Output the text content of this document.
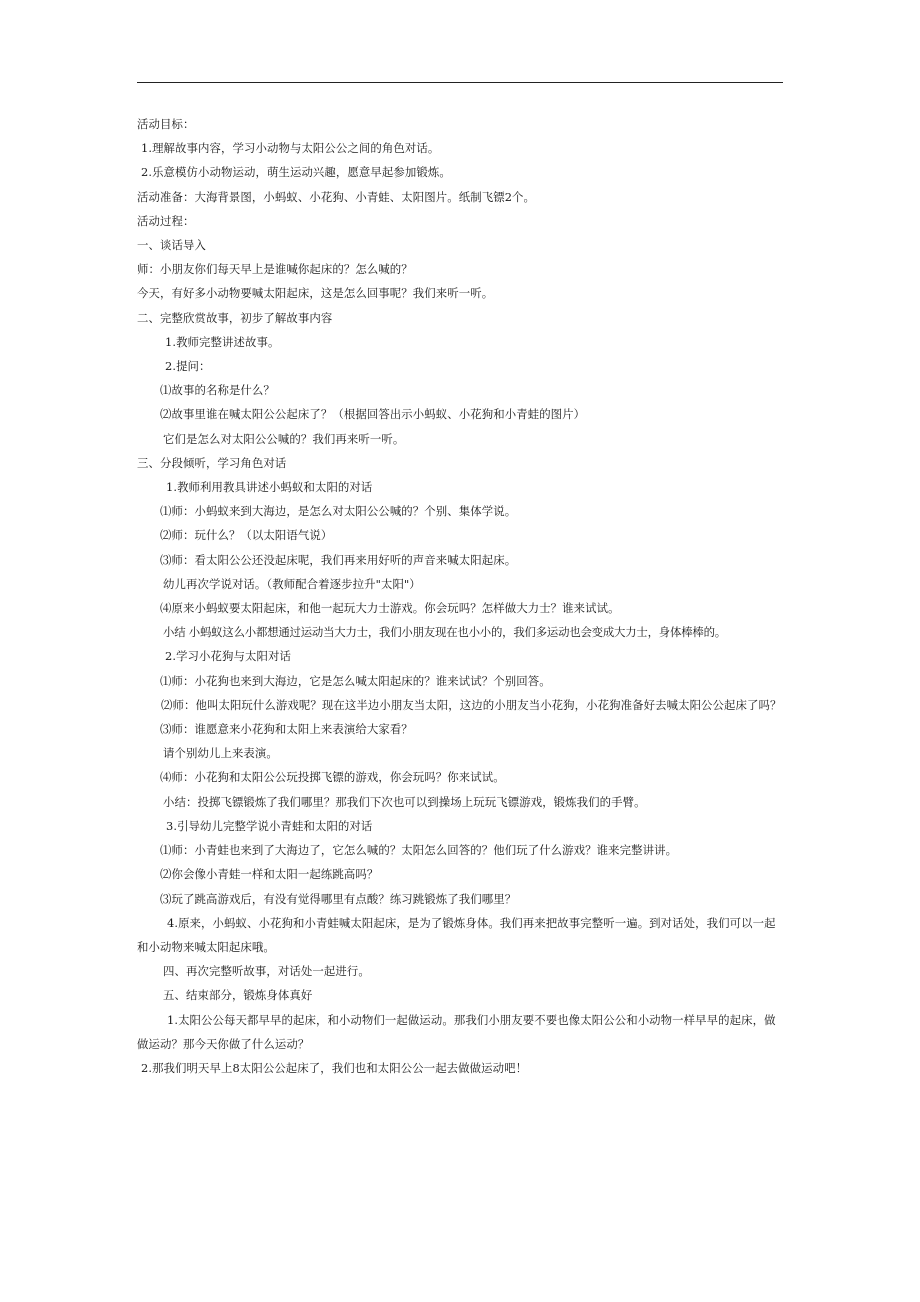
活动目标：

1.理解故事内容，学习小动物与太阳公公之间的角色对话。

2.乐意模仿小动物运动，萌生运动兴趣，愿意早起参加锻炼。

活动准备：大海背景图，小蚂蚁、小花狗、小青蛙、太阳图片。纸制飞镖2个。

活动过程：

一、谈话导入

师：小朋友你们每天早上是谁喊你起床的？怎么喊的？

今天，有好多小动物要喊太阳起床，这是怎么回事呢？我们来听一听。

二、完整欣赏故事，初步了解故事内容

1.教师完整讲述故事。

2.提问：

⑴故事的名称是什么？

⑵故事里谁在喊太阳公公起床了？（根据回答出示小蚂蚁、小花狗和小青蛙的图片）

它们是怎么对太阳公公喊的？我们再来听一听。

三、分段倾听，学习角色对话

1.教师利用教具讲述小蚂蚁和太阳的对话

⑴师：小蚂蚁来到大海边，是怎么对太阳公公喊的？个别、集体学说。

⑵师：玩什么？（以太阳语气说）

⑶师：看太阳公公还没起床呢，我们再来用好听的声音来喊太阳起床。

幼儿再次学说对话。（教师配合着逐步拉升"太阳"）

⑷原来小蚂蚁要太阳起床，和他一起玩大力士游戏。你会玩吗？怎样做大力士？谁来试试。

小结 小蚂蚁这么小都想通过运动当大力士，我们小朋友现在也小小的，我们多运动也会变成大力士，身体棒棒的。

2.学习小花狗与太阳对话

⑴师：小花狗也来到大海边，它是怎么喊太阳起床的？谁来试试？个别回答。

⑵师：他叫太阳玩什么游戏呢？现在这半边小朋友当太阳，这边的小朋友当小花狗，小花狗准备好去喊太阳公公起床了吗？

⑶师：谁愿意来小花狗和太阳上来表演给大家看？

请个别幼儿上来表演。

⑷师：小花狗和太阳公公玩投掷飞镖的游戏，你会玩吗？你来试试。

小结：投掷飞镖锻炼了我们哪里？那我们下次也可以到操场上玩玩飞镖游戏，锻炼我们的手臂。

3.引导幼儿完整学说小青蛙和太阳的对话

⑴师：小青蛙也来到了大海边了，它怎么喊的？太阳怎么回答的？他们玩了什么游戏？谁来完整讲讲。

⑵你会像小青蛙一样和太阳一起练跳高吗？

⑶玩了跳高游戏后，有没有觉得哪里有点酸？练习跳锻炼了我们哪里？

4.原来，小蚂蚁、小花狗和小青蛙喊太阳起床，是为了锻炼身体。我们再来把故事完整听一遍。到对话处，我们可以一起和小动物来喊太阳起床哦。

四、再次完整听故事，对话处一起进行。

五、结束部分，锻炼身体真好

1.太阳公公每天都早早的起床，和小动物们一起做运动。那我们小朋友要不要也像太阳公公和小动物一样早早的起床，做做运动？那今天你做了什么运动？

2.那我们明天早上8太阳公公起床了，我们也和太阳公公一起去做做运动吧！
